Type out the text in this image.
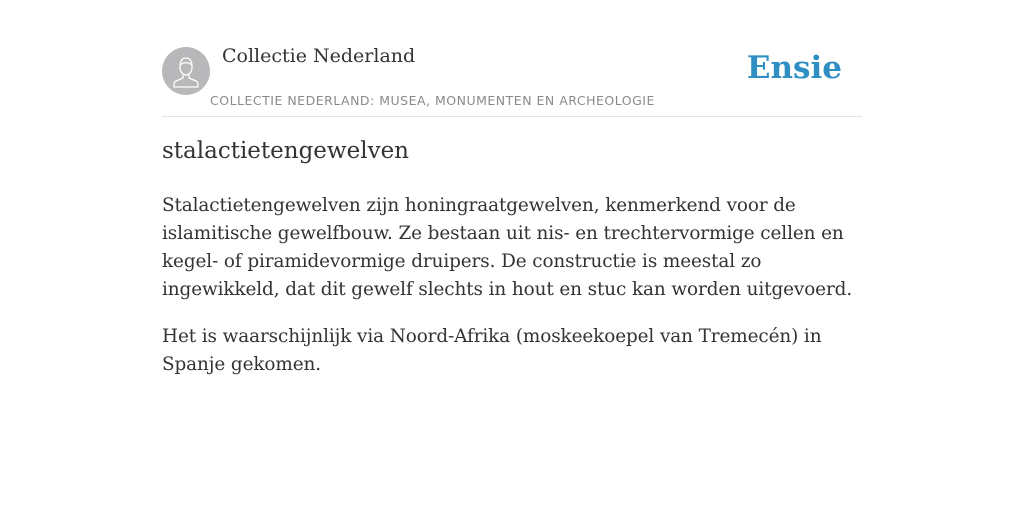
Collectie Nederland
COLLECTIE NEDERLAND: MUSEA, MONUMENTEN EN ARCHEOLOGIE
Ensie
stalactietengewelven

Stalactietengewelven zijn honingraatgewelven, kenmerkend voor de islamitische gewelfbouw. Ze bestaan uit nis- en trechtervormige cellen en kegel- of piramidevormige druipers. De constructie is meestal zo ingewikkeld, dat dit gewelf slechts in hout en stuc kan worden uitgevoerd.

Het is waarschijnlijk via Noord-Afrika (moskeekoepel van Tremecén) in Spanje gekomen.
